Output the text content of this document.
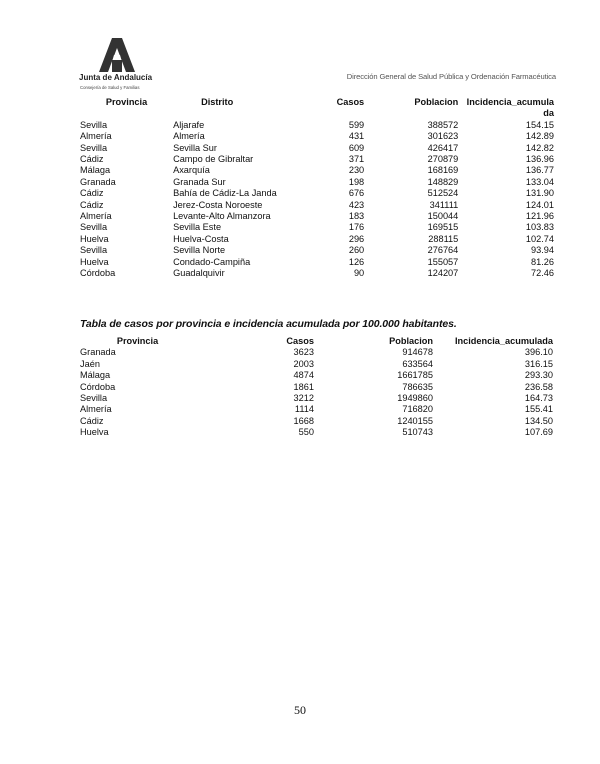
Junta de Andalucía
Consejería de Salud y Familias
Dirección General de Salud Pública y Ordenación Farmacéutica
Provincia	Distrito	Casos	Poblacion	Incidencia_acumula da
Sevilla	Aljarafe	599	388572	154.15
Almería	Almería	431	301623	142.89
Sevilla	Sevilla Sur	609	426417	142.82
Cádiz	Campo de Gibraltar	371	270879	136.96
Málaga	Axarquía	230	168169	136.77
Granada	Granada Sur	198	148829	133.04
Cádiz	Bahía de Cádiz-La Janda	676	512524	131.90
Cádiz	Jerez-Costa Noroeste	423	341111	124.01
Almería	Levante-Alto Almanzora	183	150044	121.96
Sevilla	Sevilla Este	176	169515	103.83
Huelva	Huelva-Costa	296	288115	102.74
Sevilla	Sevilla Norte	260	276764	93.94
Huelva	Condado-Campiña	126	155057	81.26
Córdoba	Guadalquivir	90	124207	72.46
Tabla de casos por provincia e incidencia acumulada por 100.000 habitantes.
Provincia	Casos	Poblacion	Incidencia_acumulada
Granada	3623	914678	396.10
Jaén	2003	633564	316.15
Málaga	4874	1661785	293.30
Córdoba	1861	786635	236.58
Sevilla	3212	1949860	164.73
Almería	1114	716820	155.41
Cádiz	1668	1240155	134.50
Huelva	550	510743	107.69
50
